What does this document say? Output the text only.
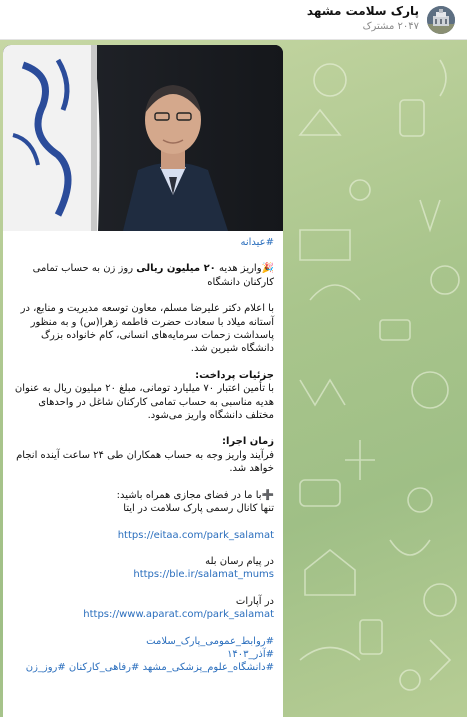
پارک سلامت مشهد
۲۰۴۷ مشترک

#عیدانه

🎉واریز هدیه ۲۰ میلیون ریالی روز زن به حساب تمامی کارکنان دانشگاه

با اعلام دکتر علیرضا مسلم، معاون توسعه مدیریت و منابع، در آستانه میلاد با سعادت حضرت فاطمه زهرا(س) و به منظور پاسداشت زحمات سرمایه‌های انسانی، کام خانواده بزرگ دانشگاه شیرین شد.

جزئیات پرداخت:

با تأمین اعتبار ۷۰ میلیارد تومانی، مبلغ ۲۰ میلیون ریال به عنوان هدیه مناسبی به حساب تمامی کارکنان شاغل در واحدهای مختلف دانشگاه واریز می‌شود.

زمان اجرا:

فرآیند واریز وجه به حساب همکاران طی ۲۴ ساعت آینده انجام خواهد شد.

➕با ما در فضای مجازی همراه باشید:

تنها کانال رسمی پارک سلامت در ایتا

https://eitaa.com/park_salamat

در پیام رسان بله

https://ble.ir/salamat_mums

در آپارات

https://www.aparat.com/park_salamat

#روابط_عمومی_پارک_سلامت

#آذر_۱۴۰۳

#دانشگاه_علوم_پزشکی_مشهد #رفاهی_کارکنان #روز_زن
